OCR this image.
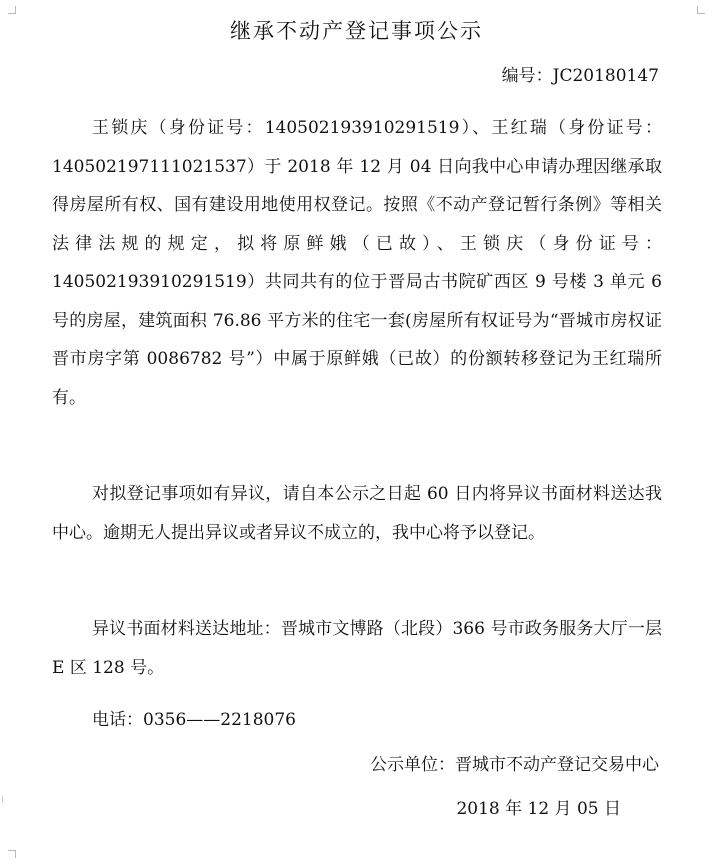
继承不动产登记事项公示
编号：JC20180147

王锁庆（身份证号：140502193910291519）、王红瑞（身份证号：140502197111021537）于 2018 年 12 月 04 日向我中心申请办理因继承取得房屋所有权、国有建设用地使用权登记。按照《不动产登记暂行条例》等相关法律法规的规定，拟将原鲜娥（已故）、王锁庆（身份证号：140502193910291519）共同共有的位于晋局古书院矿西区 9 号楼 3 单元 6 号的房屋，建筑面积 76.86 平方米的住宅一套(房屋所有权证号为“晋城市房权证晋市房字第 0086782 号”）中属于原鲜娥（已故）的份额转移登记为王红瑞所有。

对拟登记事项如有异议，请自本公示之日起 60 日内将异议书面材料送达我中心。逾期无人提出异议或者异议不成立的，我中心将予以登记。

异议书面材料送达地址：晋城市文博路（北段）366 号市政务服务大厅一层 E 区 128 号。

电话：0356——2218076

公示单位：晋城市不动产登记交易中心
2018 年 12 月 05 日
